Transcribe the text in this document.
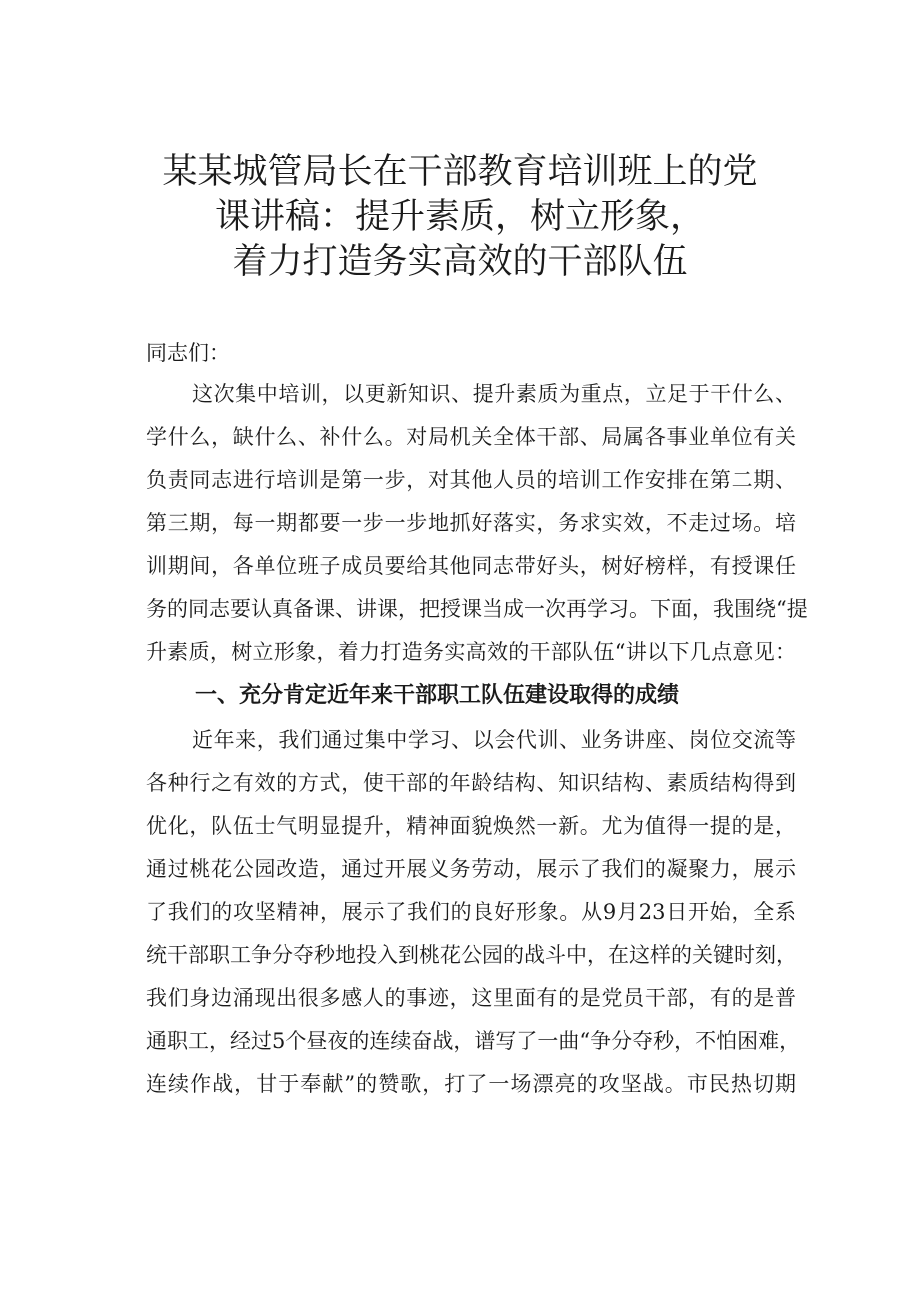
某某城管局长在干部教育培训班上的党
课讲稿：提升素质，树立形象，
着力打造务实高效的干部队伍

同志们：

这次集中培训，以更新知识、提升素质为重点，立足于干什么、

学什么，缺什么、补什么。对局机关全体干部、局属各事业单位有关

负责同志进行培训是第一步，对其他人员的培训工作安排在第二期、

第三期，每一期都要一步一步地抓好落实，务求实效，不走过场。培

训期间，各单位班子成员要给其他同志带好头，树好榜样，有授课任

务的同志要认真备课、讲课，把授课当成一次再学习。下面，我围绕“提

升素质，树立形象，着力打造务实高效的干部队伍“讲以下几点意见：

近年来，我们通过集中学习、以会代训、业务讲座、岗位交流等

各种行之有效的方式，使干部的年龄结构、知识结构、素质结构得到

优化，队伍士气明显提升，精神面貌焕然一新。尤为值得一提的是，

通过桃花公园改造，通过开展义务劳动，展示了我们的凝聚力，展示

了我们的攻坚精神，展示了我们的良好形象。从9月23日开始，全系

统干部职工争分夺秒地投入到桃花公园的战斗中，在这样的关键时刻，

我们身边涌现出很多感人的事迹，这里面有的是党员干部，有的是普

通职工，经过5个昼夜的连续奋战，谱写了一曲“争分夺秒，不怕困难，

连续作战，甘于奉献”的赞歌，打了一场漂亮的攻坚战。市民热切期

一、充分肯定近年来干部职工队伍建设取得的成绩
